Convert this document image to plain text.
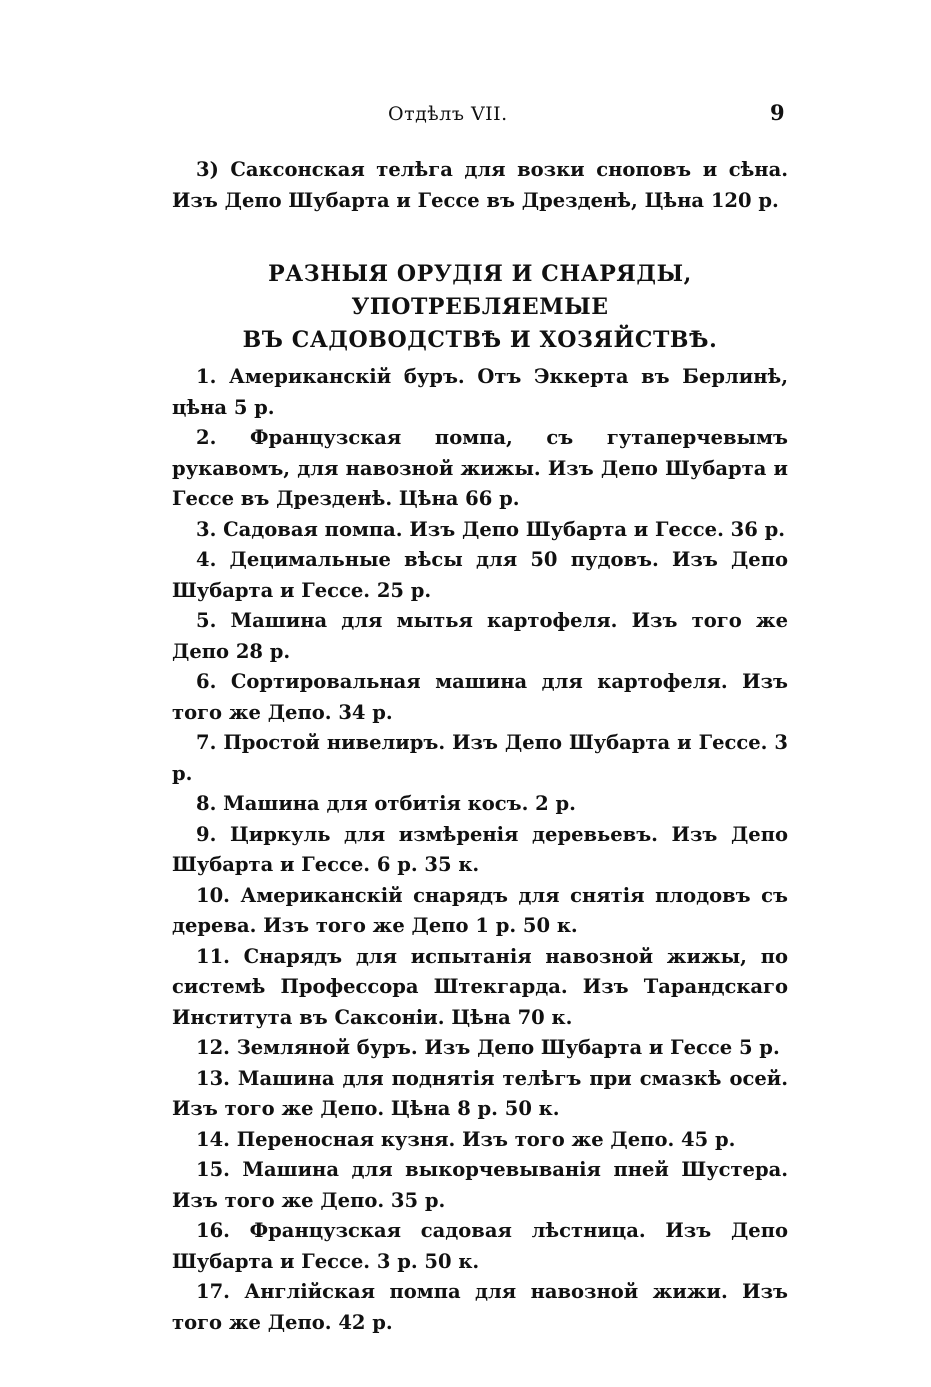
Отдѣлъ VII.	9

3) Саксонская телѣга для возки сноповъ и сѣна. Изъ Депо Шубарта и Гессе въ Дрезденѣ, Цѣна 120 р.

РАЗНЫЯ ОРУДІЯ И СНАРЯДЫ, УПОТРЕБЛЯЕМЫЕ
ВЪ САДОВОДСТВѢ И ХОЗЯЙСТВѢ.

1. Американскій буръ. Отъ Эккерта въ Берлинѣ, цѣна 5 р.

2. Французская помпа, съ гутаперчевымъ рукавомъ, для навозной жижы. Изъ Депо Шубарта и Гессе въ Дрезденѣ. Цѣна 66 р.

3. Садовая помпа. Изъ Депо Шубарта и Гессе. 36 р.

4. Децимальные вѣсы для 50 пудовъ. Изъ Депо Шубарта и Гессе. 25 р.

5. Машина для мытья картофеля. Изъ того же Депо 28 р.

6. Сортировальная машина для картофеля. Изъ того же Депо. 34 р.

7. Простой нивелиръ. Изъ Депо Шубарта и Гессе. 3 р.

8. Машина для отбитія косъ. 2 р.

9. Циркуль для измѣренія деревьевъ. Изъ Депо Шубарта и Гессе. 6 р. 35 к.

10. Американскій снарядъ для снятія плодовъ съ дерева. Изъ того же Депо 1 р. 50 к.

11. Снарядъ для испытанія навозной жижы, по системѣ Профессора Штекгарда. Изъ Тарандскаго Института въ Саксоніи. Цѣна 70 к.

12. Земляной буръ. Изъ Депо Шубарта и Гессе 5 р.

13. Машина для поднятія телѣгъ при смазкѣ осей. Изъ того же Депо. Цѣна 8 р. 50 к.

14. Переносная кузня. Изъ того же Депо. 45 р.

15. Машина для выкорчевыванія пней Шустера. Изъ того же Депо. 35 р.

16. Французская садовая лѣстница. Изъ Депо Шубарта и Гессе. 3 р. 50 к.

17. Англійская помпа для навозной жижи. Изъ того же Депо. 42 р.
